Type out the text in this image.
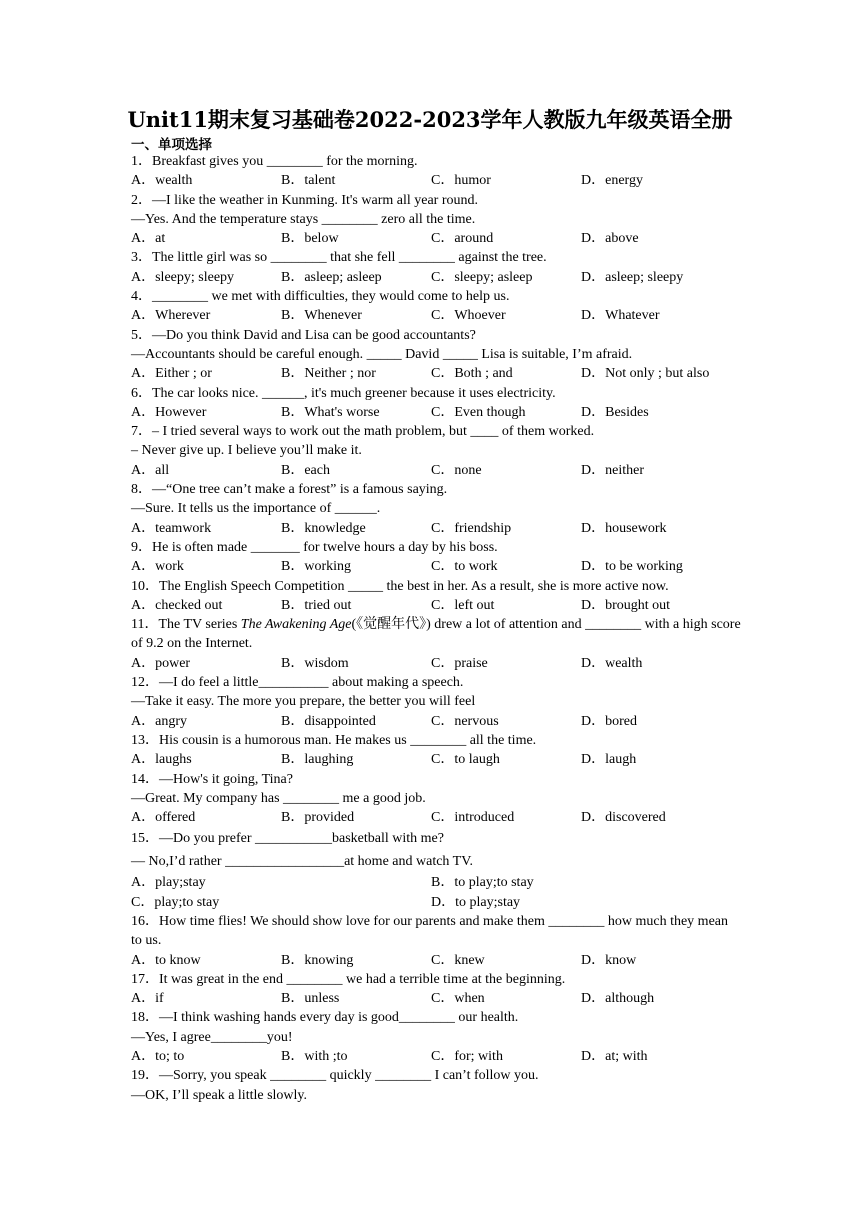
Unit11期末复习基础卷2022-2023学年人教版九年级英语全册
一、单项选择
1．Breakfast gives you ________ for the morning.
A．wealth	B．talent	C．humor	D．energy
2．—I like the weather in Kunming. It's warm all year round.
—Yes. And the temperature stays ________ zero all the time.
A．at	B．below	C．around	D．above
3．The little girl was so ________ that she fell ________ against the tree.
A．sleepy; sleepy	B．asleep; asleep	C．sleepy; asleep	D．asleep; sleepy
4．________ we met with difficulties, they would come to help us.
A．Wherever	B．Whenever	C．Whoever	D．Whatever
5．—Do you think David and Lisa can be good accountants?
—Accountants should be careful enough. _____ David _____ Lisa is suitable, I’m afraid.
A．Either ; or	B．Neither ; nor	C．Both ; and	D．Not only ; but also
6．The car looks nice. ______, it's much greener because it uses electricity.
A．However	B．What's worse	C．Even though	D．Besides
7．– I tried several ways to work out the math problem, but ____ of them worked.
– Never give up. I believe you’ll make it.
A．all	B．each	C．none	D．neither
8．—“One tree can’t make a forest” is a famous saying.
—Sure. It tells us the importance of ______.
A．teamwork	B．knowledge	C．friendship	D．housework
9．He is often made _______ for twelve hours a day by his boss.
A．work	B．working	C．to work	D．to be working
10．The English Speech Competition _____ the best in her. As a result, she is more active now.
A．checked out	B．tried out	C．left out	D．brought out
11．The TV series The Awakening Age(《觉醒年代》) drew a lot of attention and ________ with a high score of 9.2 on the Internet.
A．power	B．wisdom	C．praise	D．wealth
12．—I do feel a little__________ about making a speech.
—Take it easy. The more you prepare, the better you will feel
A．angry	B．disappointed	C．nervous	D．bored
13．His cousin is a humorous man. He makes us ________ all the time.
A．laughs	B．laughing	C．to laugh	D．laugh
14．—How's it going, Tina?
—Great. My company has ________ me a good job.
A．offered	B．provided	C．introduced	D．discovered
15．—Do you prefer ___________basketball with me?
— No,I’d rather _________________at home and watch TV.
A．play;stay	B．to play;to stay
C．play;to stay	D．to play;stay
16．How time flies! We should show love for our parents and make them ________ how much they mean to us.
A．to know	B．knowing	C．knew	D．know
17．It was great in the end ________ we had a terrible time at the beginning.
A．if	B．unless	C．when	D．although
18．—I think washing hands every day is good________ our health.
—Yes, I agree________you!
A．to; to	B．with ;to	C．for; with	D．at; with
19．—Sorry, you speak ________ quickly ________ I can’t follow you.
—OK, I’ll speak a little slowly.
